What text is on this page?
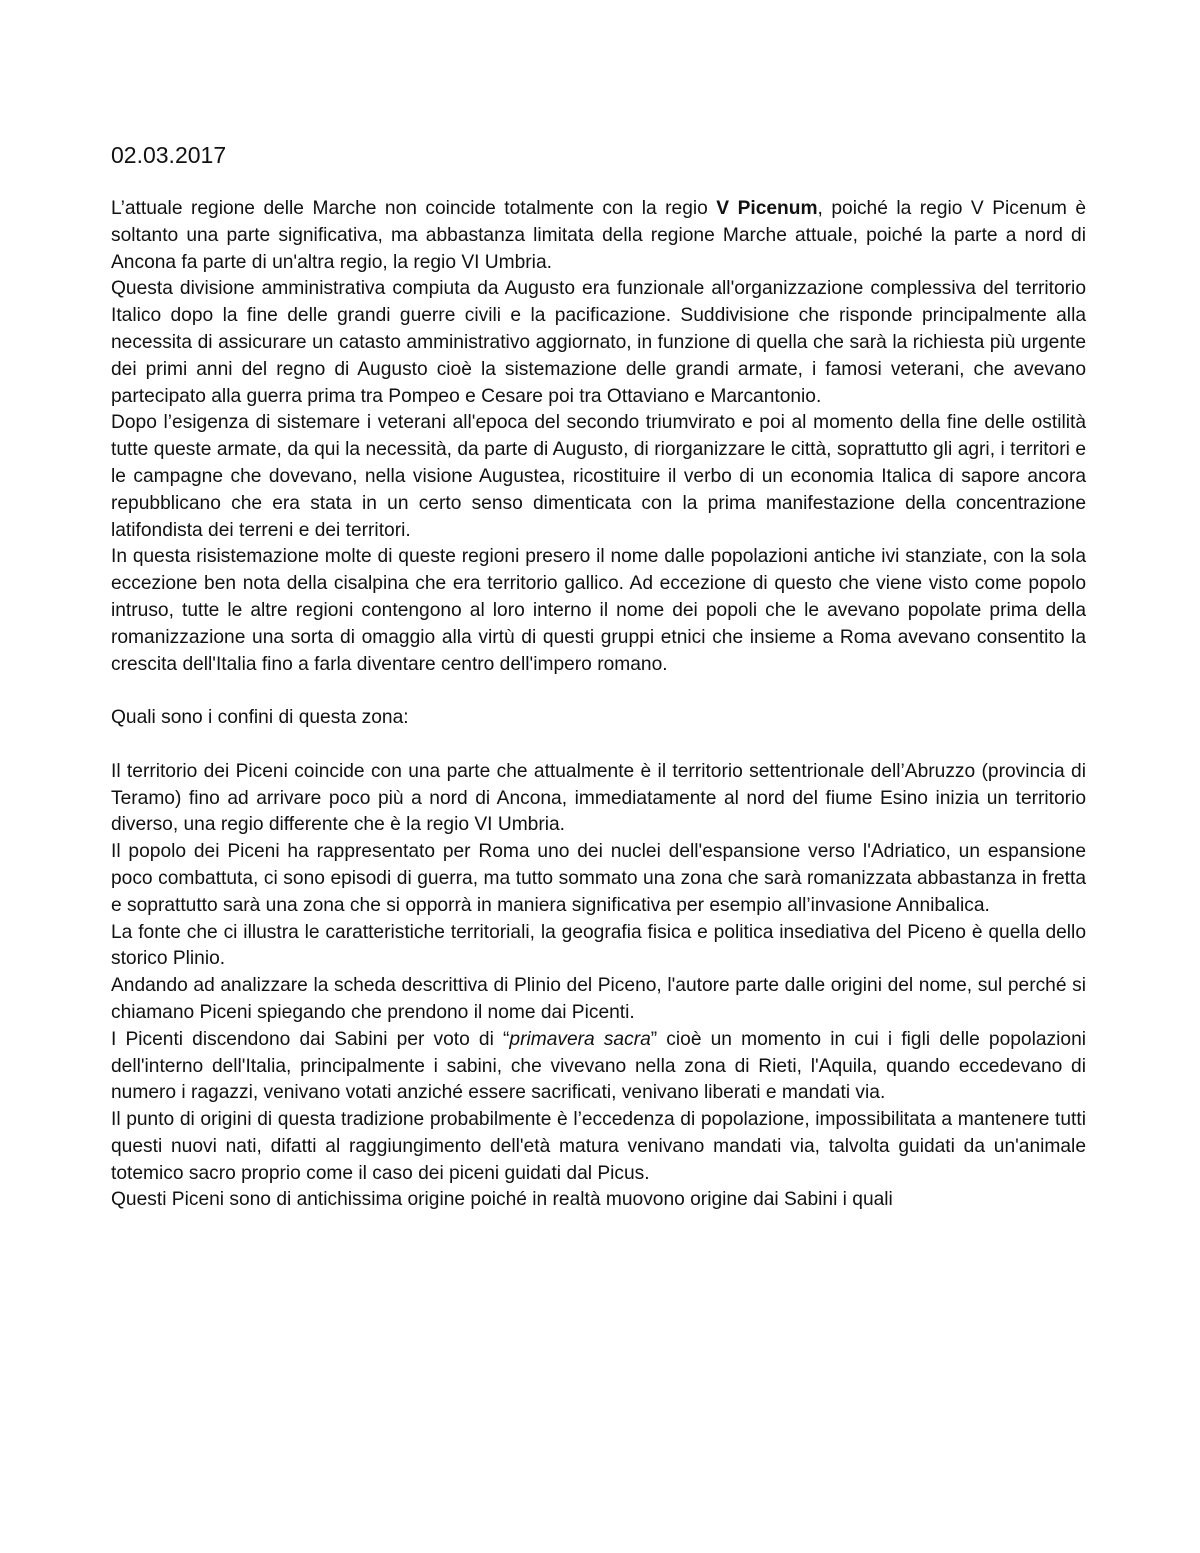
02.03.2017

L’attuale regione delle Marche non coincide totalmente con la regio V Picenum, poiché la regio V Picenum è soltanto una parte significativa, ma abbastanza limitata della regione Marche attuale, poiché la parte a nord di Ancona fa parte di un'altra regio, la regio VI Umbria.

Questa divisione amministrativa compiuta da Augusto era funzionale all'organizzazione complessiva del territorio Italico dopo la fine delle grandi guerre civili e la pacificazione. Suddivisione che risponde principalmente alla necessita di assicurare un catasto amministrativo aggiornato, in funzione di quella che sarà la richiesta più urgente dei primi anni del regno di Augusto cioè la sistemazione delle grandi armate, i famosi veterani, che avevano partecipato alla guerra prima tra Pompeo e Cesare poi tra Ottaviano e Marcantonio.

Dopo l’esigenza di sistemare i veterani all'epoca del secondo triumvirato e poi al momento della fine delle ostilità tutte queste armate, da qui la necessità, da parte di Augusto, di riorganizzare le città, soprattutto gli agri, i territori e le campagne che dovevano, nella visione Augustea, ricostituire il verbo di un economia Italica di sapore ancora repubblicano che era stata in un certo senso dimenticata con la prima manifestazione della concentrazione latifondista dei terreni e dei territori.

In questa risistemazione molte di queste regioni presero il nome dalle popolazioni antiche ivi stanziate, con la sola eccezione ben nota della cisalpina che era territorio gallico. Ad eccezione di questo che viene visto come popolo intruso, tutte le altre regioni contengono al loro interno il nome dei popoli che le avevano popolate prima della romanizzazione una sorta di omaggio alla virtù di questi gruppi etnici che insieme a Roma avevano consentito la crescita dell'Italia fino a farla diventare centro dell'impero romano.

Quali sono i confini di questa zona:

Il territorio dei Piceni coincide con una parte che attualmente è il territorio settentrionale dell’Abruzzo (provincia di Teramo) fino ad arrivare poco più a nord di Ancona, immediatamente al nord del fiume Esino inizia un territorio diverso, una regio differente che è la regio VI Umbria.

Il popolo dei Piceni ha rappresentato per Roma uno dei nuclei dell'espansione verso l'Adriatico, un espansione poco combattuta, ci sono episodi di guerra, ma tutto sommato una zona che sarà romanizzata abbastanza in fretta e soprattutto sarà una zona che si opporrà in maniera significativa per esempio all’invasione Annibalica.

La fonte che ci illustra le caratteristiche territoriali, la geografia fisica e politica insediativa del Piceno è quella dello storico Plinio.

Andando ad analizzare la scheda descrittiva di Plinio del Piceno, l'autore parte dalle origini del nome, sul perché si chiamano Piceni spiegando che prendono il nome dai Picenti.

I Picenti discendono dai Sabini per voto di “primavera sacra” cioè un momento in cui i figli delle popolazioni dell'interno dell'Italia, principalmente i sabini, che vivevano nella zona di Rieti, l'Aquila, quando eccedevano di numero i ragazzi, venivano votati anziché essere sacrificati, venivano liberati e mandati via.

Il punto di origini di questa tradizione probabilmente è l’eccedenza di popolazione, impossibilitata a mantenere tutti questi nuovi nati, difatti al raggiungimento dell'età matura venivano mandati via, talvolta guidati da un'animale totemico sacro proprio come il caso dei piceni guidati dal Picus.

Questi Piceni sono di antichissima origine poiché in realtà muovono origine dai Sabini i quali
